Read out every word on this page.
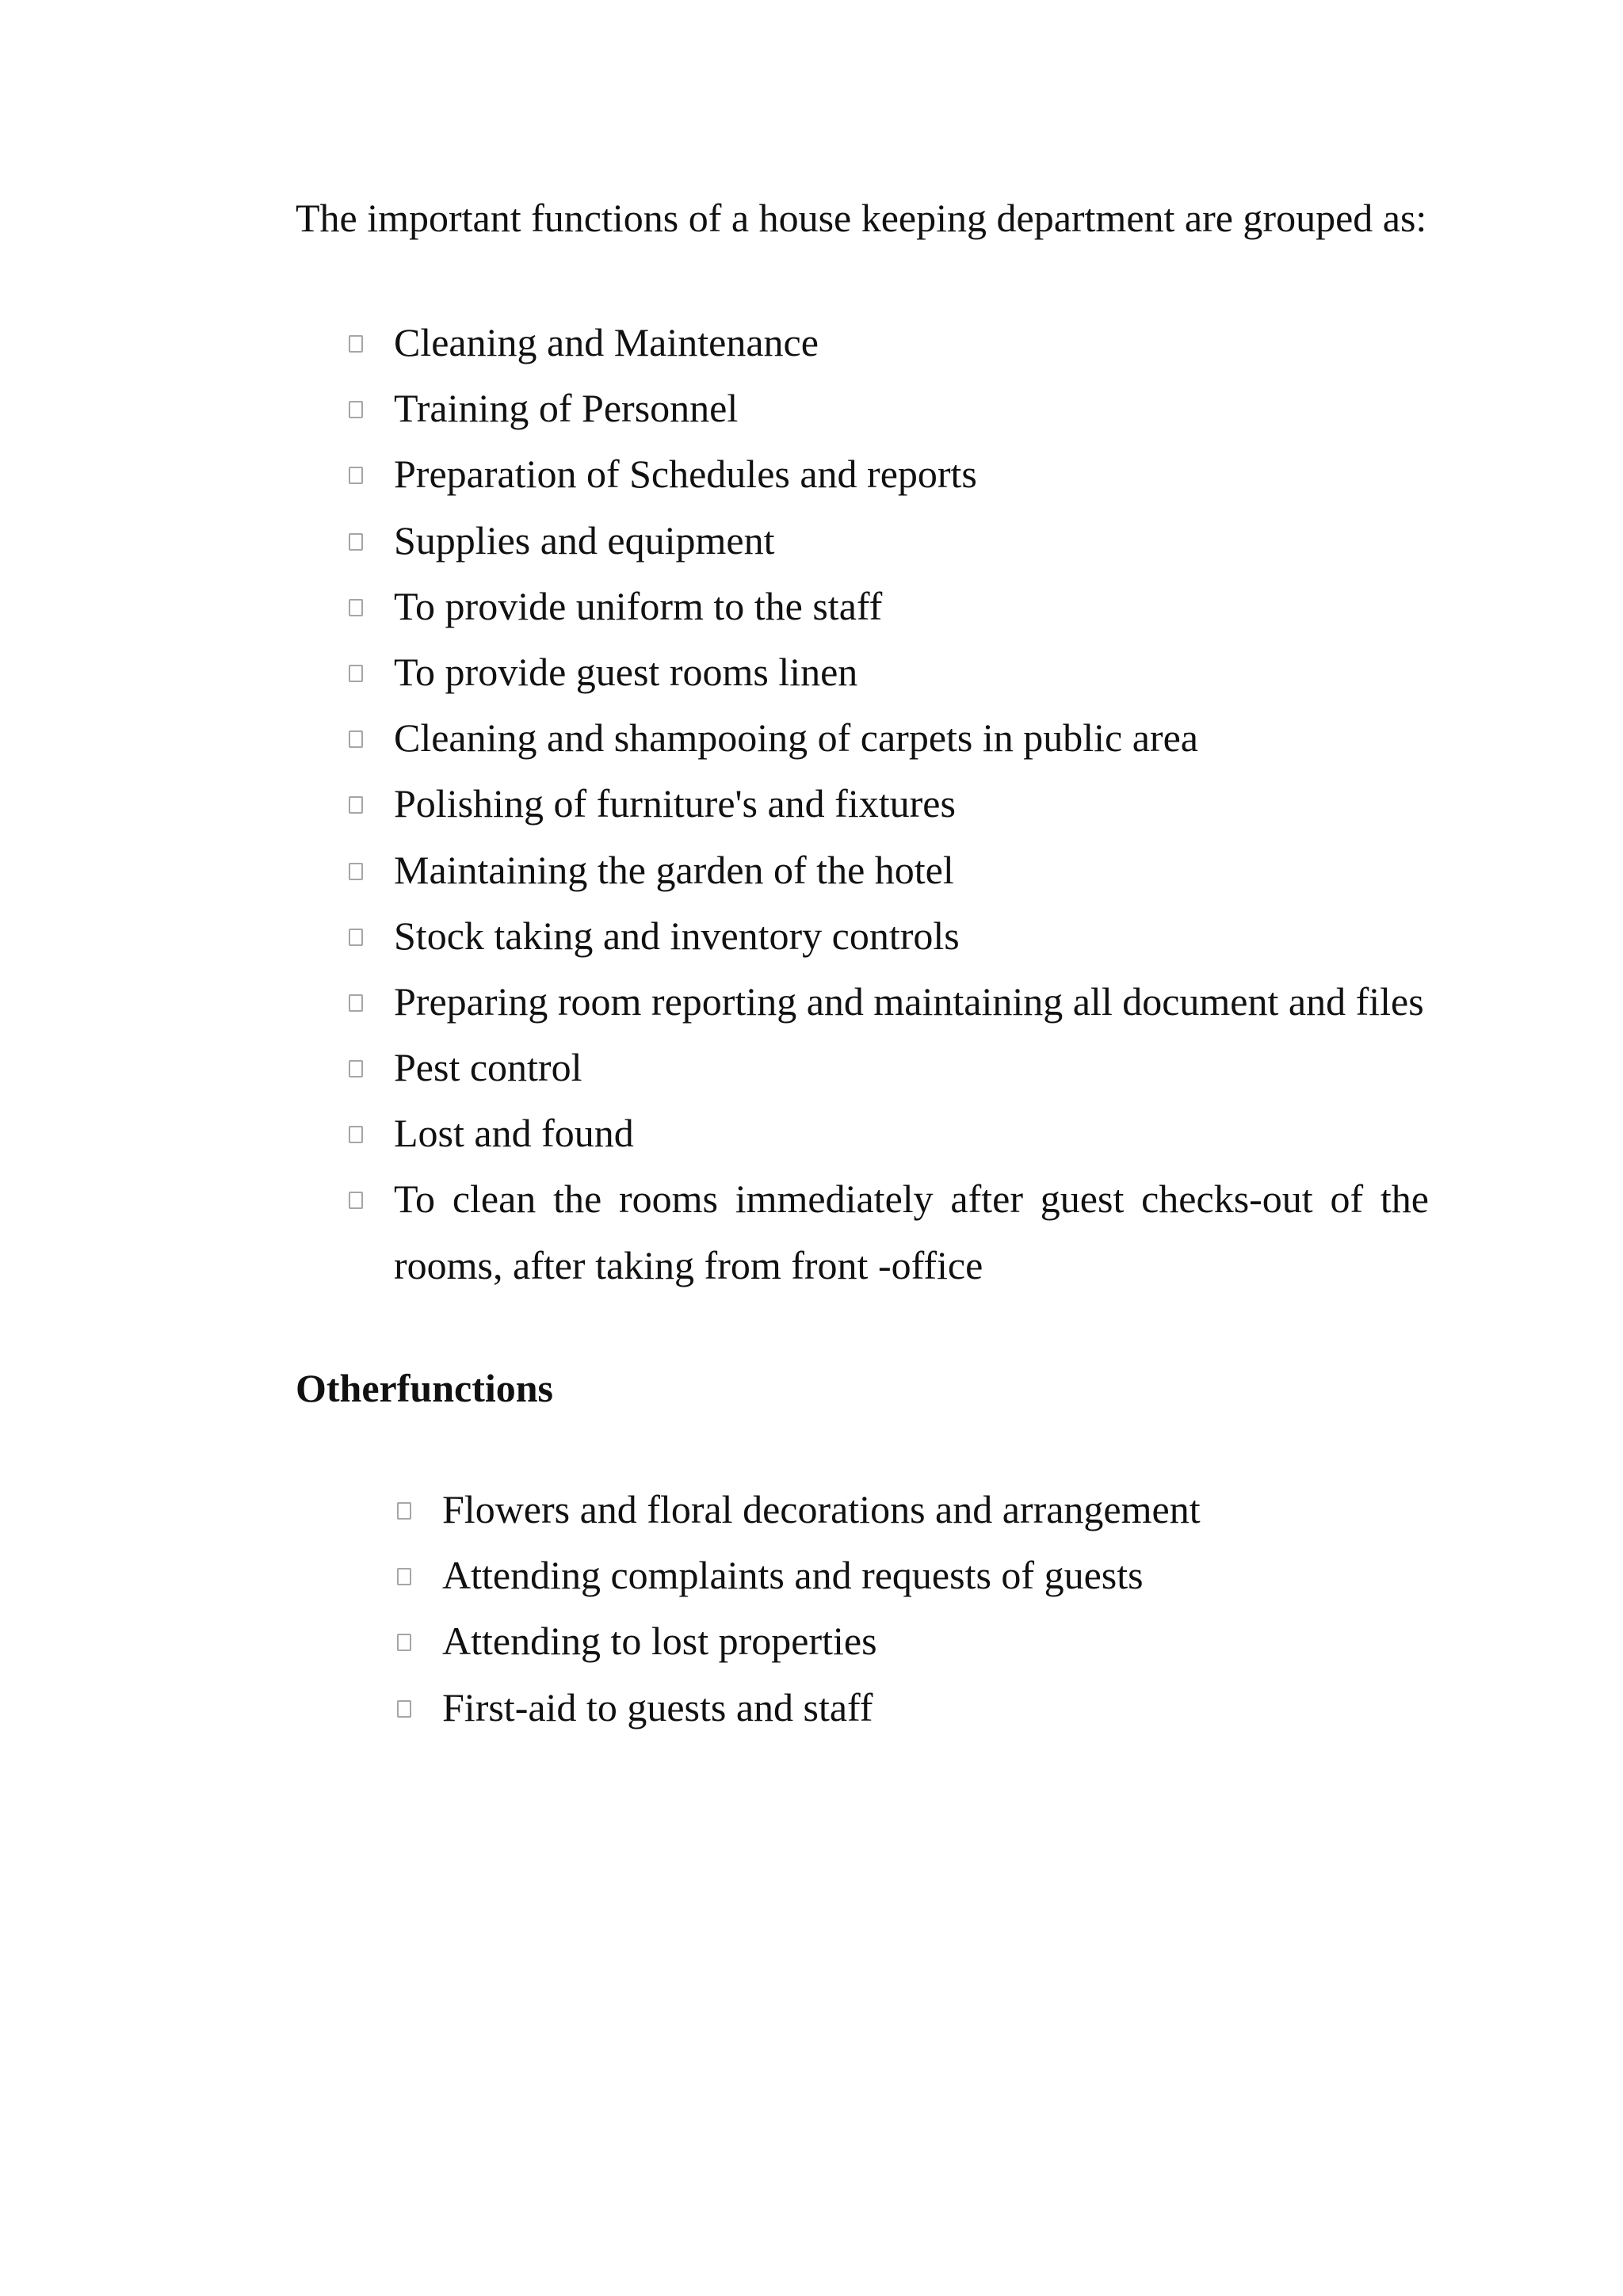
The important functions of a house keeping department are grouped as:
Cleaning and Maintenance
Training of Personnel
Preparation of Schedules and reports
Supplies and equipment
To provide uniform to the staff
To provide guest rooms linen
Cleaning and shampooing of carpets in public area
Polishing of furniture's and fixtures
Maintaining the garden of the hotel
Stock taking and inventory controls
Preparing room reporting and maintaining all document and files
Pest control
Lost and found
To clean the rooms immediately after guest checks-out of the rooms, after taking from front -office
Otherfunctions
Flowers and floral decorations and arrangement
Attending complaints and requests of guests
Attending to lost properties
First-aid to guests and staff
